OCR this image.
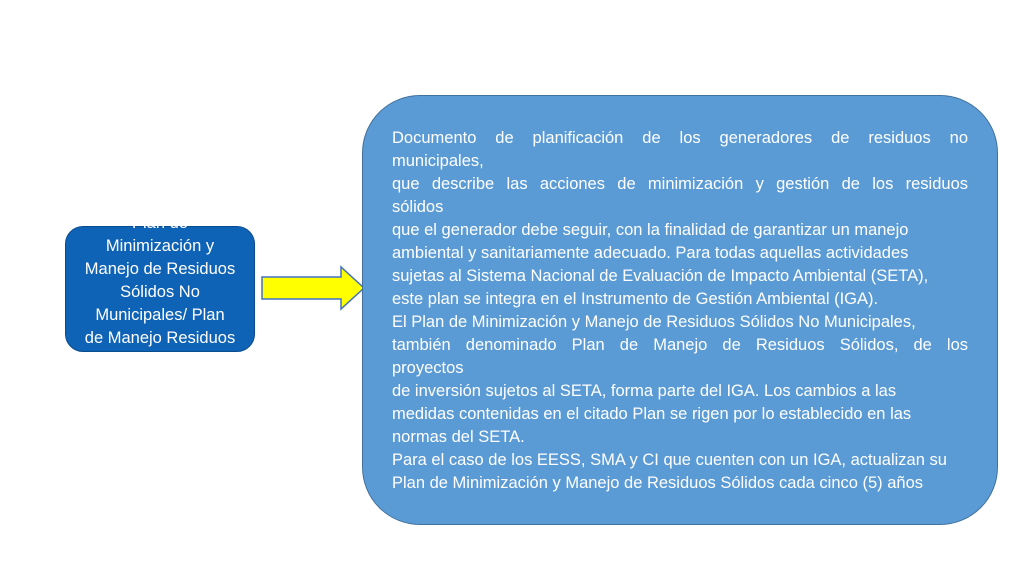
Plan de
Minimización y
Manejo de Residuos
Sólidos No
Municipales/ Plan
de Manejo Residuos
Sólidos
Documento de planificación de los generadores de residuos no
municipales,
que describe las acciones de minimización y gestión de los residuos
sólidos
que el generador debe seguir, con la finalidad de garantizar un manejo
ambiental y sanitariamente adecuado. Para todas aquellas actividades
sujetas al Sistema Nacional de Evaluación de Impacto Ambiental (SETA),
este plan se integra en el Instrumento de Gestión Ambiental (IGA).
El Plan de Minimización y Manejo de Residuos Sólidos No Municipales,
también denominado Plan de Manejo de Residuos Sólidos, de los
proyectos
de inversión sujetos al SETA, forma parte del IGA. Los cambios a las
medidas contenidas en el citado Plan se rigen por lo establecido en las
normas del SETA.
Para el caso de los EESS, SMA y CI que cuenten con un IGA, actualizan su
Plan de Minimización y Manejo de Residuos Sólidos cada cinco (5) años
